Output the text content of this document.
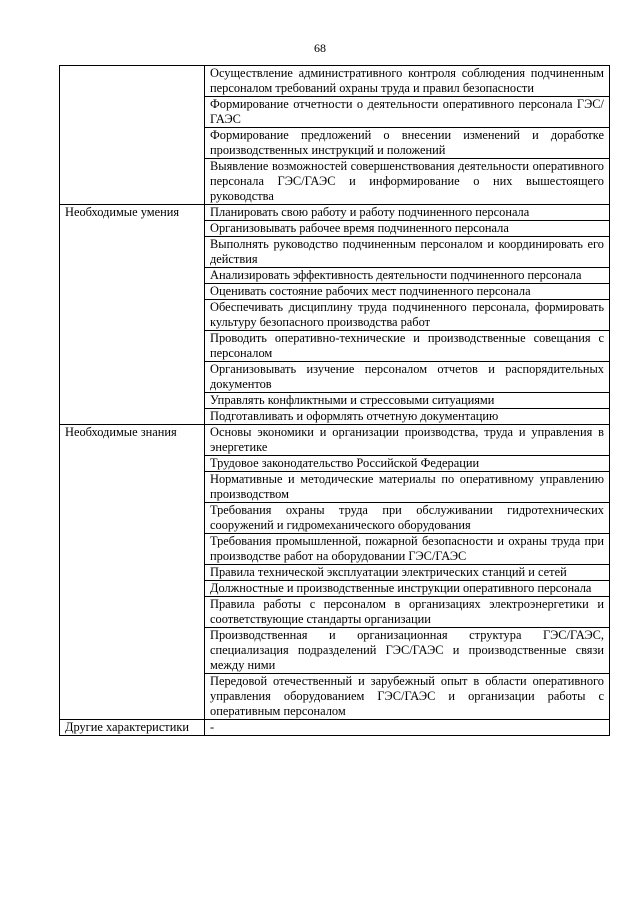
68
	Осуществление административного контроля соблюдения подчиненным персоналом требований охраны труда и правил безопасности
	Формирование отчетности о деятельности оперативного персонала ГЭС/ГАЭС
	Формирование предложений о внесении изменений и доработке производственных инструкций и положений
	Выявление возможностей совершенствования деятельности оперативного персонала ГЭС/ГАЭС и информирование о них вышестоящего руководства
Необходимые умения	Планировать свою работу и работу подчиненного персонала
	Организовывать рабочее время подчиненного персонала
	Выполнять руководство подчиненным персоналом и координировать его действия
	Анализировать эффективность деятельности подчиненного персонала
	Оценивать состояние рабочих мест подчиненного персонала
	Обеспечивать дисциплину труда подчиненного персонала, формировать культуру безопасного производства работ
	Проводить оперативно-технические и производственные совещания с персоналом
	Организовывать изучение персоналом отчетов и распорядительных документов
	Управлять конфликтными и стрессовыми ситуациями
	Подготавливать и оформлять отчетную документацию
Необходимые знания	Основы экономики и организации производства, труда и управления в энергетике
	Трудовое законодательство Российской Федерации
	Нормативные и методические материалы по оперативному управлению производством
	Требования охраны труда при обслуживании гидротехнических сооружений и гидромеханического оборудования
	Требования промышленной, пожарной безопасности и охраны труда при производстве работ на оборудовании ГЭС/ГАЭС
	Правила технической эксплуатации электрических станций и сетей
	Должностные и производственные инструкции оперативного персонала
	Правила работы с персоналом в организациях электроэнергетики и соответствующие стандарты организации
	Производственная и организационная структура ГЭС/ГАЭС, специализация подразделений ГЭС/ГАЭС и производственные связи между ними
	Передовой отечественный и зарубежный опыт в области оперативного управления оборудованием ГЭС/ГАЭС и организации работы с оперативным персоналом
Другие характеристики	-
